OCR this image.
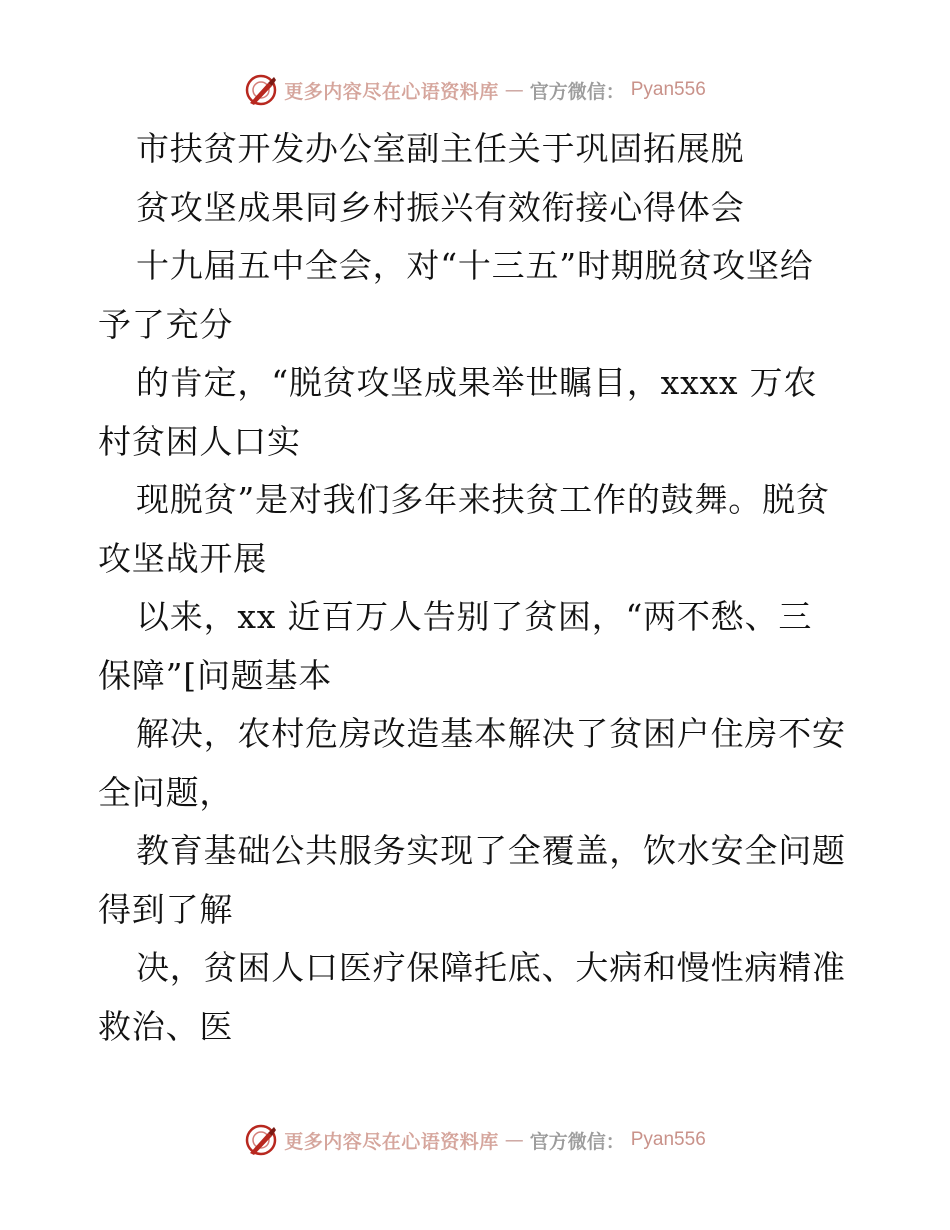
更多内容尽在心语资料库 — 官方微信： Pyan556
市扶贫开发办公室副主任关于巩固拓展脱
贫攻坚成果同乡村振兴有效衔接心得体会
十九届五中全会，对“十三五”时期脱贫攻坚给
予了充分
的肯定，“脱贫攻坚成果举世瞩目，xxxx 万农
村贫困人口实
现脱贫”是对我们多年来扶贫工作的鼓舞。脱贫
攻坚战开展
以来，xx 近百万人告别了贫困，“两不愁、三
保障”[问题基本
解决，农村危房改造基本解决了贫困户住房不安
全问题，
教育基础公共服务实现了全覆盖，饮水安全问题
得到了解
决，贫困人口医疗保障托底、大病和慢性病精准
救治、医
更多内容尽在心语资料库 — 官方微信： Pyan556
